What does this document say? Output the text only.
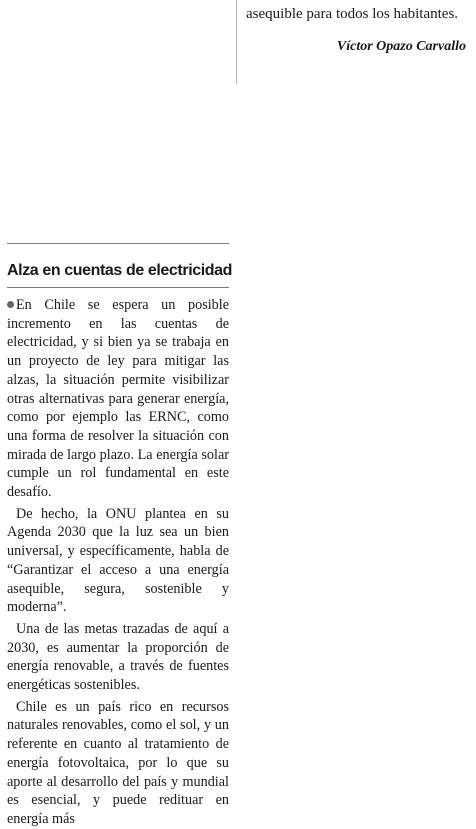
asequible para todos los habitantes.
Víctor Opazo Carvallo
Alza en cuentas de electricidad

En Chile se espera un posible incremento en las cuentas de electricidad, y si bien ya se trabaja en un proyecto de ley para mitigar las alzas, la situación permite visibilizar otras alternativas para generar energía, como por ejemplo las ERNC, como una forma de resolver la situación con mirada de largo plazo. La energía solar cumple un rol fundamental en este desafío.

De hecho, la ONU plantea en su Agenda 2030 que la luz sea un bien universal, y específicamente, habla de “Garantizar el acceso a una energía asequible, segura, sostenible y moderna”.

Una de las metas trazadas de aquí a 2030, es aumentar la proporción de energía renovable, a través de fuentes energéticas sostenibles.

Chile es un país rico en recursos naturales renovables, como el sol, y un referente en cuanto al tratamiento de energía fotovoltaica, por lo que su aporte al desarrollo del país y mundial es esencial, y puede redituar en energía más
